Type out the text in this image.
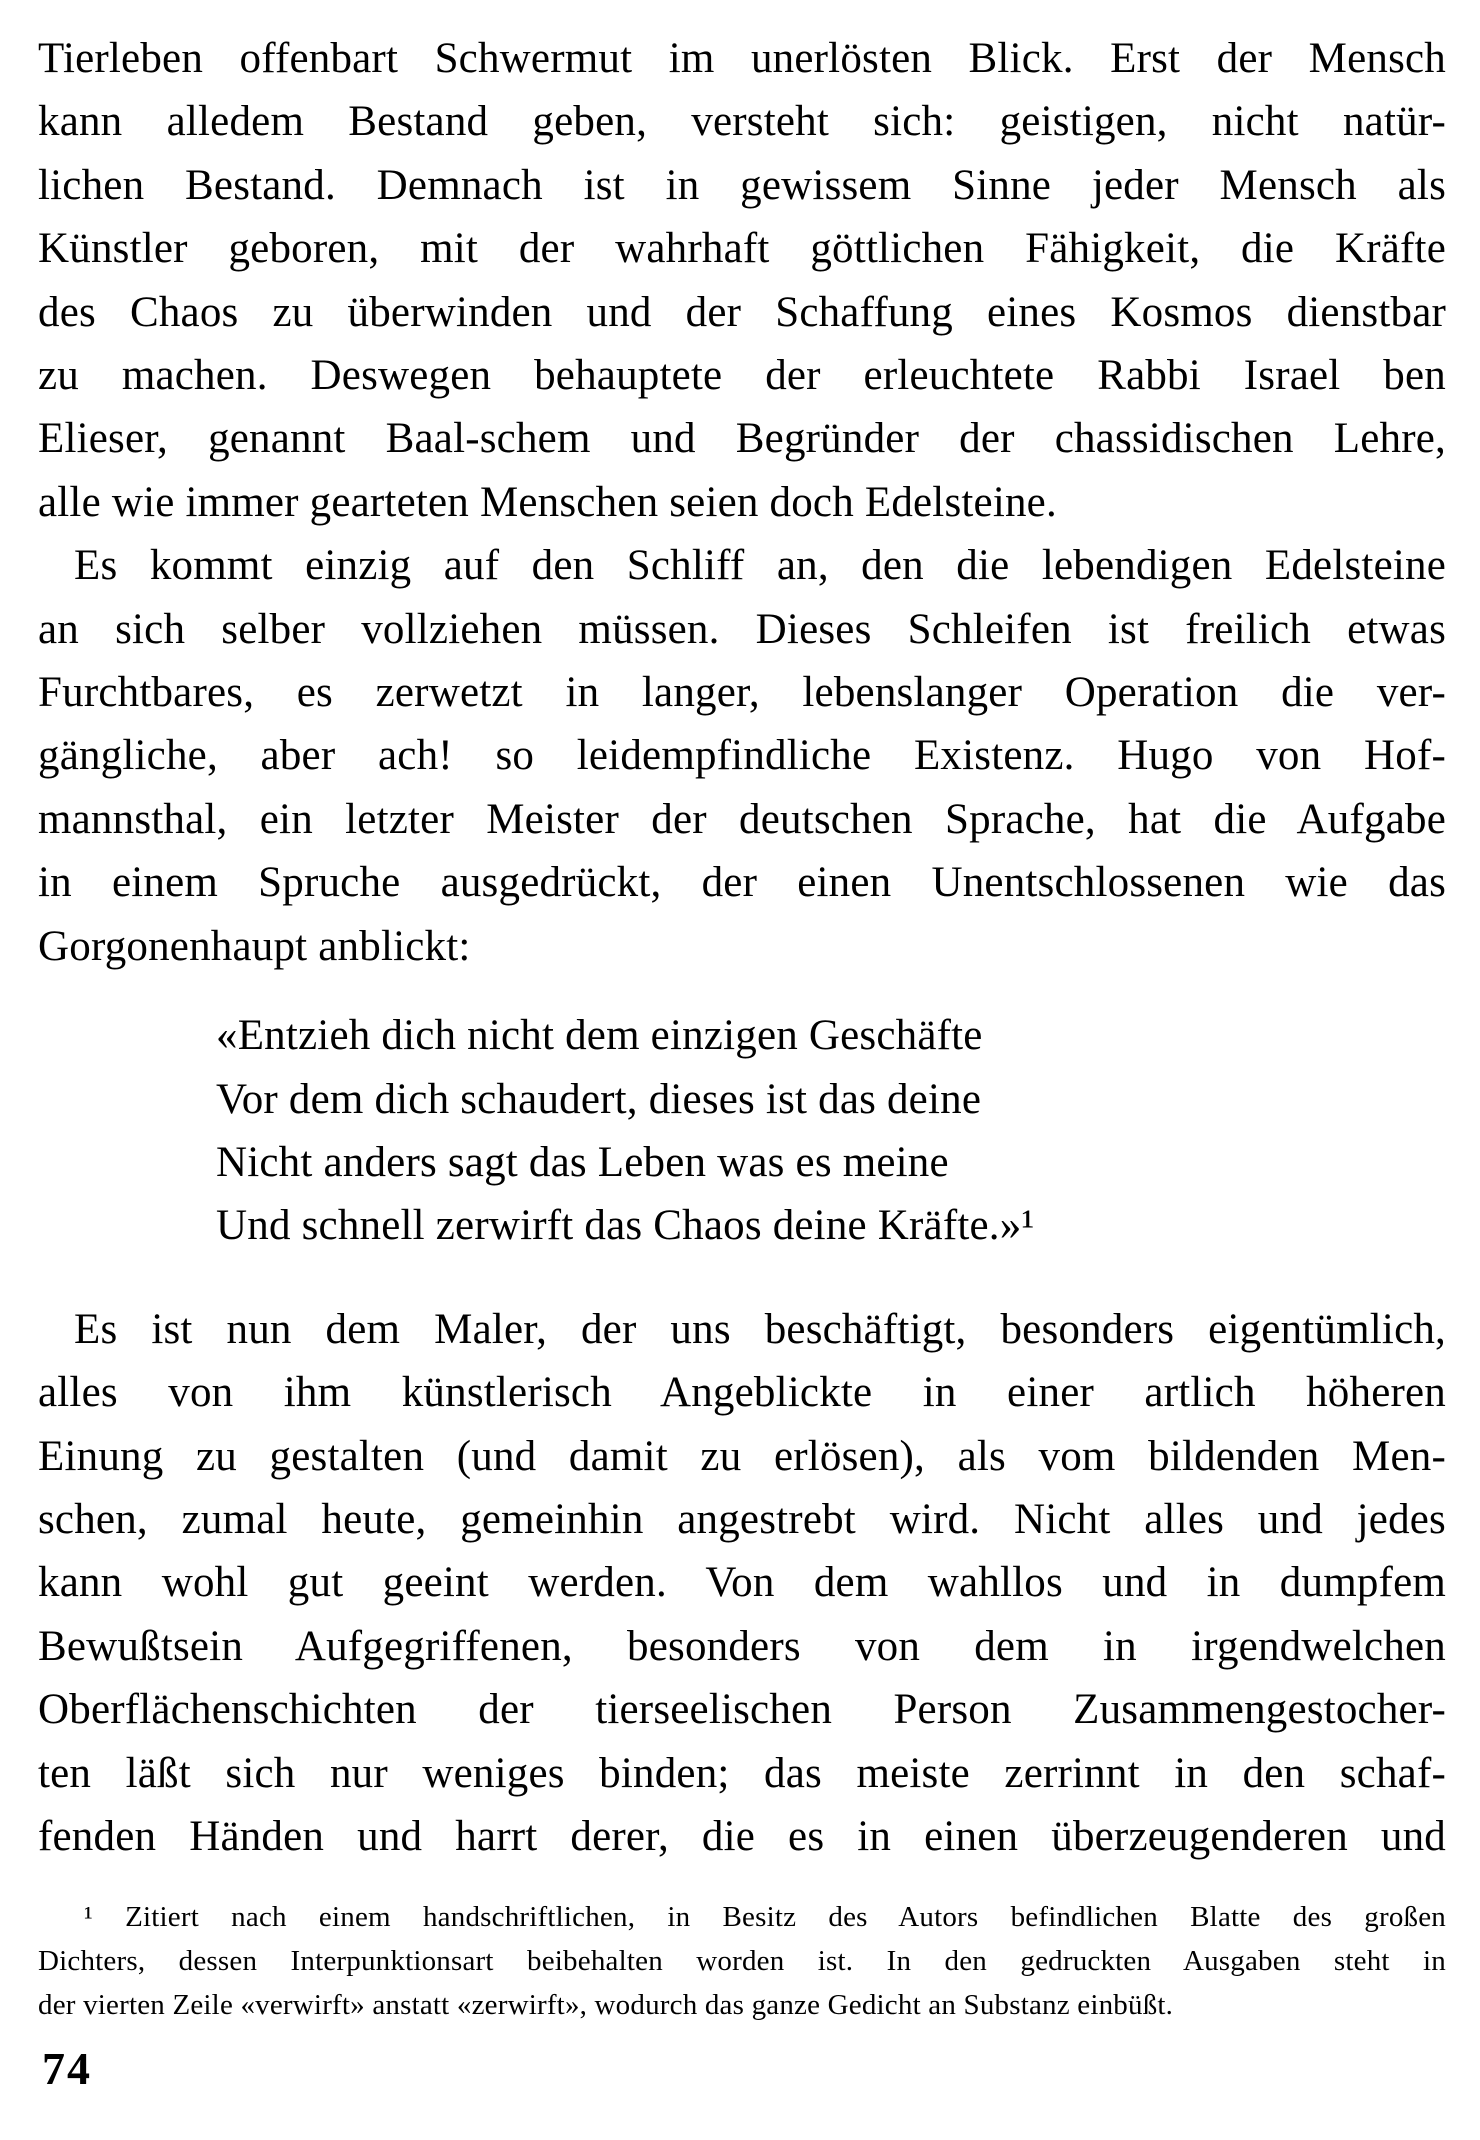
Tierleben offenbart Schwermut im unerlösten Blick. Erst der Mensch
kann alledem Bestand geben, versteht sich: geistigen, nicht natür-
lichen Bestand. Demnach ist in gewissem Sinne jeder Mensch als
Künstler geboren, mit der wahrhaft göttlichen Fähigkeit, die Kräfte
des Chaos zu überwinden und der Schaffung eines Kosmos dienstbar
zu machen. Deswegen behauptete der erleuchtete Rabbi Israel ben
Elieser, genannt Baal-schem und Begründer der chassidischen Lehre,
alle wie immer gearteten Menschen seien doch Edelsteine.
Es kommt einzig auf den Schliff an, den die lebendigen Edelsteine
an sich selber vollziehen müssen. Dieses Schleifen ist freilich etwas
Furchtbares, es zerwetzt in langer, lebenslanger Operation die ver-
gängliche, aber ach! so leidempfindliche Existenz. Hugo von Hof-
mannsthal, ein letzter Meister der deutschen Sprache, hat die Aufgabe
in einem Spruche ausgedrückt, der einen Unentschlossenen wie das
Gorgonenhaupt anblickt:
«Entzieh dich nicht dem einzigen Geschäfte
Vor dem dich schaudert, dieses ist das deine
Nicht anders sagt das Leben was es meine
Und schnell zerwirft das Chaos deine Kräfte.»¹
Es ist nun dem Maler, der uns beschäftigt, besonders eigentümlich,
alles von ihm künstlerisch Angeblickte in einer artlich höheren
Einung zu gestalten (und damit zu erlösen), als vom bildenden Men-
schen, zumal heute, gemeinhin angestrebt wird. Nicht alles und jedes
kann wohl gut geeint werden. Von dem wahllos und in dumpfem
Bewußtsein Aufgegriffenen, besonders von dem in irgendwelchen
Oberflächenschichten der tierseelischen Person Zusammengestocher-
ten läßt sich nur weniges binden; das meiste zerrinnt in den schaf-
fenden Händen und harrt derer, die es in einen überzeugenderen und
¹ Zitiert nach einem handschriftlichen, in Besitz des Autors befindlichen Blatte des großen
Dichters, dessen Interpunktionsart beibehalten worden ist. In den gedruckten Ausgaben steht in
der vierten Zeile «verwirft» anstatt «zerwirft», wodurch das ganze Gedicht an Substanz einbüßt.
74
